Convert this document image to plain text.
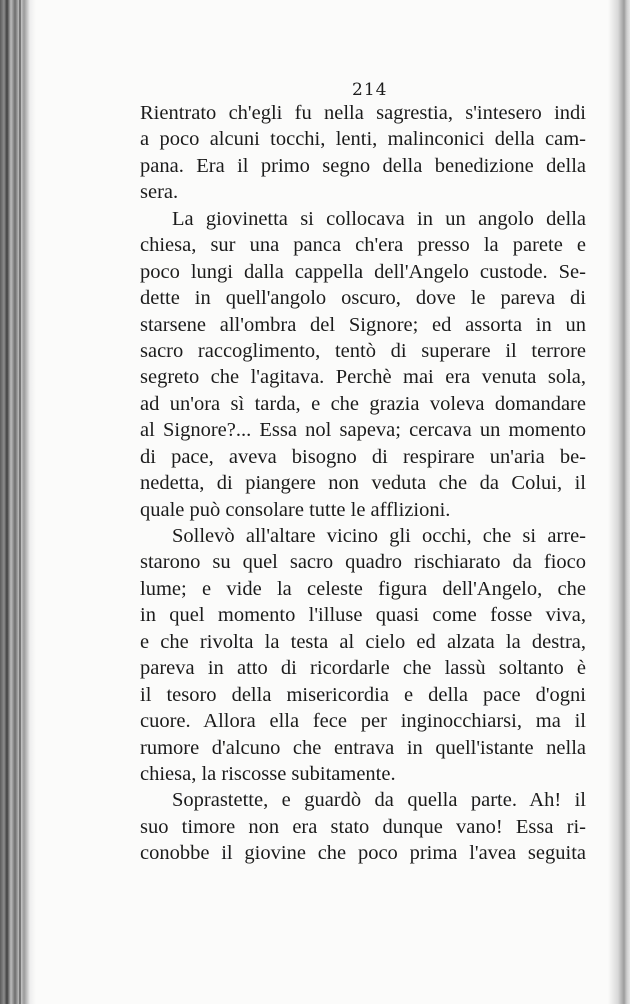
214
Rientrato ch'egli fu nella sagrestia, s'intesero indi
a poco alcuni tocchi, lenti, malinconici della cam-
pana. Era il primo segno della benedizione della
sera.
La giovinetta si collocava in un angolo della
chiesa, sur una panca ch'era presso la parete e
poco lungi dalla cappella dell'Angelo custode. Se-
dette in quell'angolo oscuro, dove le pareva di
starsene all'ombra del Signore; ed assorta in un
sacro raccoglimento, tentò di superare il terrore
segreto che l'agitava. Perchè mai era venuta sola,
ad un'ora sì tarda, e che grazia voleva domandare
al Signore?... Essa nol sapeva; cercava un momento
di pace, aveva bisogno di respirare un'aria be-
nedetta, di piangere non veduta che da Colui, il
quale può consolare tutte le afflizioni.
Sollevò all'altare vicino gli occhi, che si arre-
starono su quel sacro quadro rischiarato da fioco
lume; e vide la celeste figura dell'Angelo, che
in quel momento l'illuse quasi come fosse viva,
e che rivolta la testa al cielo ed alzata la destra,
pareva in atto di ricordarle che lassù soltanto è
il tesoro della misericordia e della pace d'ogni
cuore. Allora ella fece per inginocchiarsi, ma il
rumore d'alcuno che entrava in quell'istante nella
chiesa, la riscosse subitamente.
Soprastette, e guardò da quella parte. Ah! il
suo timore non era stato dunque vano! Essa ri-
conobbe il giovine che poco prima l'avea seguita
